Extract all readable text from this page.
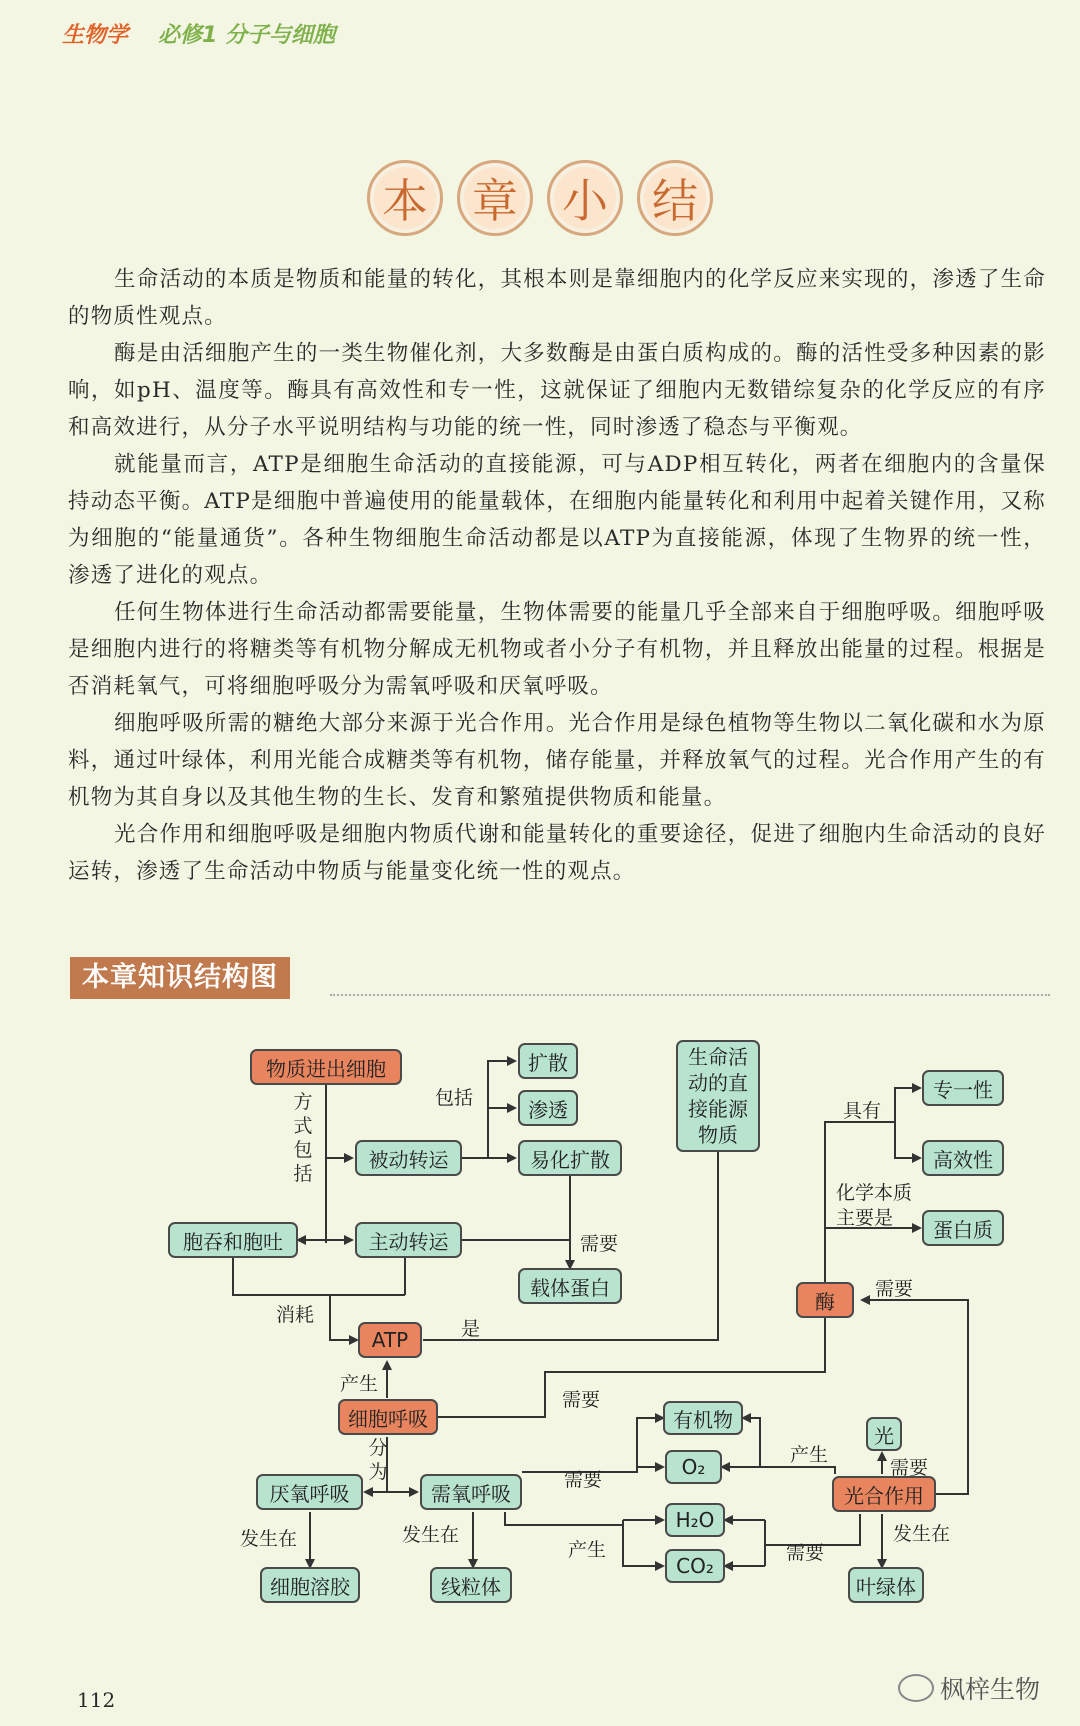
生物学 必修1 分子与细胞
本 章 小 结
生命活动的本质是物质和能量的转化，其根本则是靠细胞内的化学反应来实现的，渗透了生命的物质性观点。
酶是由活细胞产生的一类生物催化剂，大多数酶是由蛋白质构成的。酶的活性受多种因素的影响，如pH、温度等。酶具有高效性和专一性，这就保证了细胞内无数错综复杂的化学反应的有序和高效进行，从分子水平说明结构与功能的统一性，同时渗透了稳态与平衡观。
就能量而言，ATP是细胞生命活动的直接能源，可与ADP相互转化，两者在细胞内的含量保持动态平衡。ATP是细胞中普遍使用的能量载体，在细胞内能量转化和利用中起着关键作用，又称为细胞的“能量通货”。各种生物细胞生命活动都是以ATP为直接能源，体现了生物界的统一性，渗透了进化的观点。
任何生物体进行生命活动都需要能量，生物体需要的能量几乎全部来自于细胞呼吸。细胞呼吸是细胞内进行的将糖类等有机物分解成无机物或者小分子有机物，并且释放出能量的过程。根据是否消耗氧气，可将细胞呼吸分为需氧呼吸和厌氧呼吸。
细胞呼吸所需的糖绝大部分来源于光合作用。光合作用是绿色植物等生物以二氧化碳和水为原料，通过叶绿体，利用光能合成糖类等有机物，储存能量，并释放氧气的过程。光合作用产生的有机物为其自身以及其他生物的生长、发育和繁殖提供物质和能量。
光合作用和细胞呼吸是细胞内物质代谢和能量转化的重要途径，促进了细胞内生命活动的良好运转，渗透了生命活动中物质与能量变化统一性的观点。
本章知识结构图
物质进出细胞	扩散
渗透
易化扩散
被动转运
主动转运
胞吞和胞吐
载体蛋白
生命活动的直接能源物质
ATP
酶
专一性
高效性
蛋白质
细胞呼吸
厌氧呼吸	需氧呼吸
细胞溶胶	线粒体
有机物
O₂
H₂O
CO₂
光
光合作用
叶绿体
方式包括
包括
需要
消耗
是
具有
化学本质
主要是
需要
产生
需要
分为	需要
产生
需要
发生在	发生在
产生	需要
发生在
112	枫梓生物
